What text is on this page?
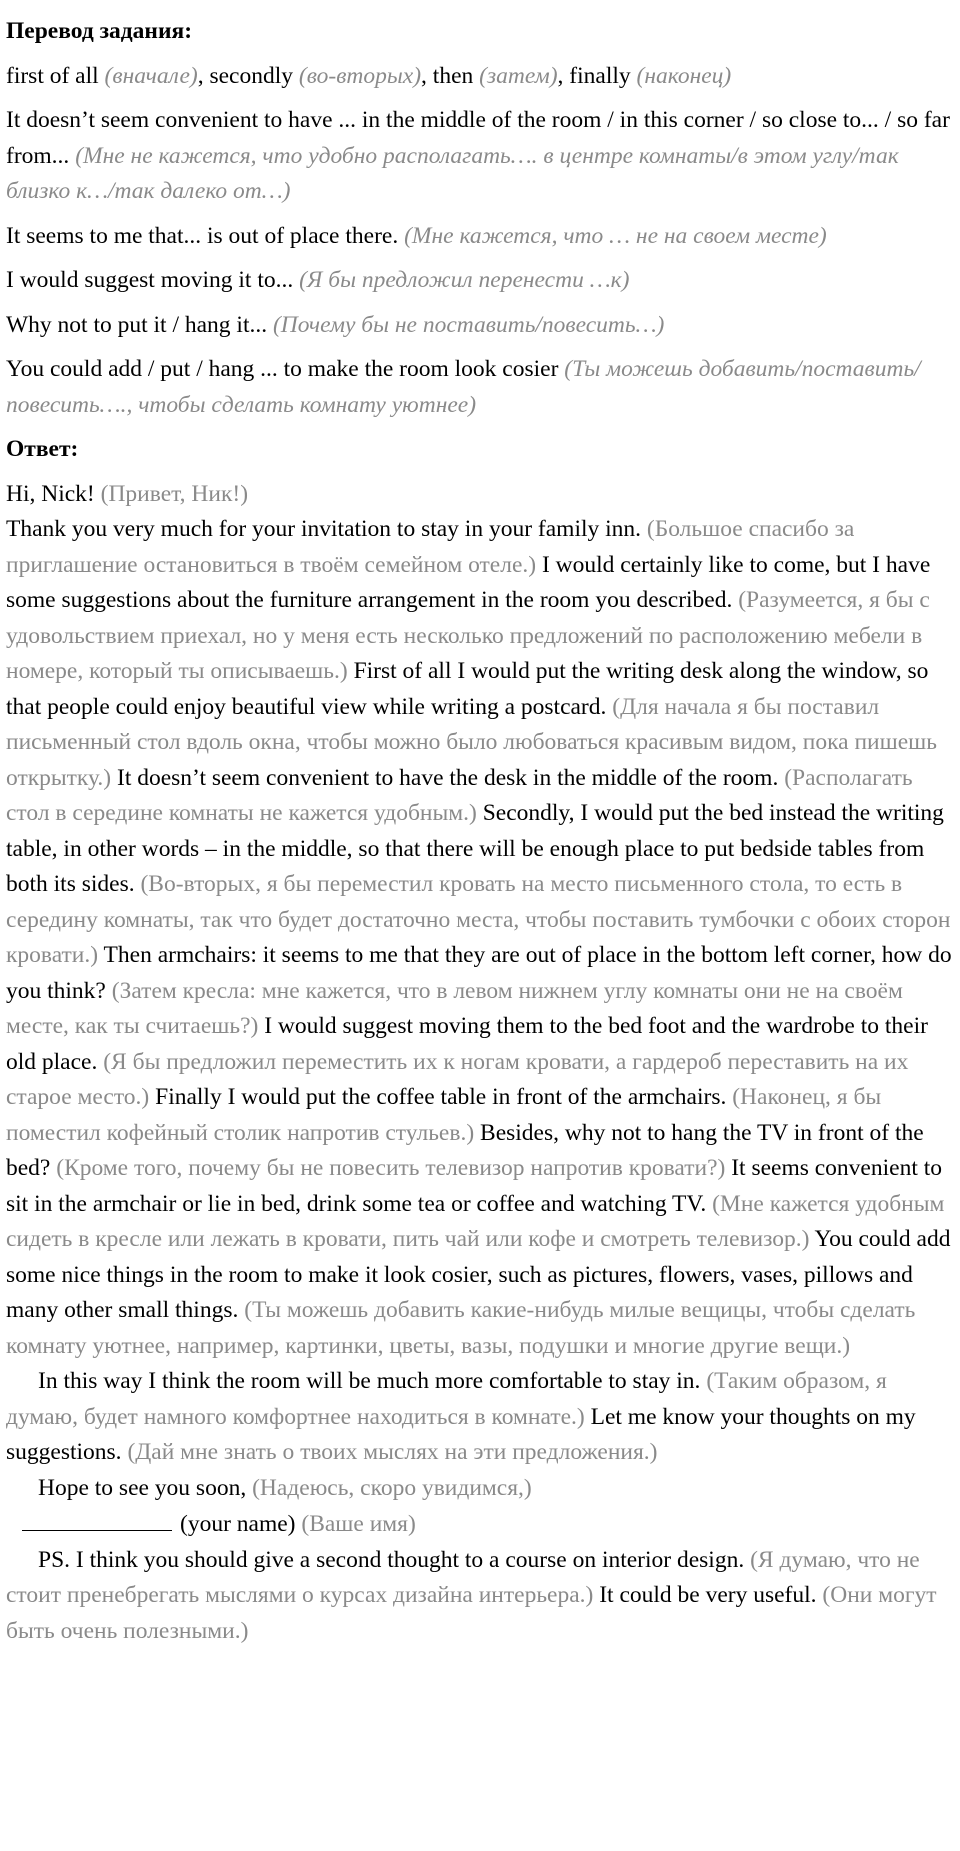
Перевод задания:

first of all (вначале), secondly (во-вторых), then (затем), finally (наконец)

It doesn’t seem convenient to have ... in the middle of the room / in this corner / so close to... / so far from... (Мне не кажется, что удобно располагать…. в центре комнаты/в этом углу/так близко к…/так далеко от…)

It seems to me that... is out of place there. (Мне кажется, что … не на своем месте)

I would suggest moving it to... (Я бы предложил перенести …к)

Why not to put it / hang it... (Почему бы не поставить/повесить…)

You could add / put / hang ... to make the room look cosier (Ты можешь добавить/поставить/повесить…., чтобы сделать комнату уютнее)

Ответ:

Hi, Nick! (Привет, Ник!)

Thank you very much for your invitation to stay in your family inn. (Большое спасибо за приглашение остановиться в твоём семейном отеле.) I would certainly like to come, but I have some suggestions about the furniture arrangement in the room you described. (Разумеется, я бы с удовольствием приехал, но у меня есть несколько предложений по расположению мебели в номере, который ты описываешь.) First of all I would put the writing desk along the window, so that people could enjoy beautiful view while writing a postcard. (Для начала я бы поставил письменный стол вдоль окна, чтобы можно было любоваться красивым видом, пока пишешь открытку.) It doesn’t seem convenient to have the desk in the middle of the room. (Располагать стол в середине комнаты не кажется удобным.) Secondly, I would put the bed instead the writing table, in other words – in the middle, so that there will be enough place to put bedside tables from both its sides. (Во-вторых, я бы переместил кровать на место письменного стола, то есть в середину комнаты, так что будет достаточно места, чтобы поставить тумбочки с обоих сторон кровати.) Then armchairs: it seems to me that they are out of place in the bottom left corner, how do you think? (Затем кресла: мне кажется, что в левом нижнем углу комнаты они не на своём месте, как ты считаешь?) I would suggest moving them to the bed foot and the wardrobe to their old place. (Я бы предложил переместить их к ногам кровати, а гардероб переставить на их старое место.) Finally I would put the coffee table in front of the armchairs. (Наконец, я бы поместил кофейный столик напротив стульев.) Besides, why not to hang the TV in front of the bed? (Кроме того, почему бы не повесить телевизор напротив кровати?) It seems convenient to sit in the armchair or lie in bed, drink some tea or coffee and watching TV. (Мне кажется удобным сидеть в кресле или лежать в кровати, пить чай или кофе и смотреть телевизор.) You could add some nice things in the room to make it look cosier, such as pictures, flowers, vases, pillows and many other small things. (Ты можешь добавить какие-нибудь милые вещицы, чтобы сделать комнату уютнее, например, картинки, цветы, вазы, подушки и многие другие вещи.)

In this way I think the room will be much more comfortable to stay in. (Таким образом, я думаю, будет намного комфортнее находиться в комнате.) Let me know your thoughts on my suggestions. (Дай мне знать о твоих мыслях на эти предложения.)

Hope to see you soon, (Надеюсь, скоро увидимся,)

(your name) (Ваше имя)

PS. I think you should give a second thought to a course on interior design. (Я думаю, что не стоит пренебрегать мыслями о курсах дизайна интерьера.) It could be very useful. (Они могут быть очень полезными.)
